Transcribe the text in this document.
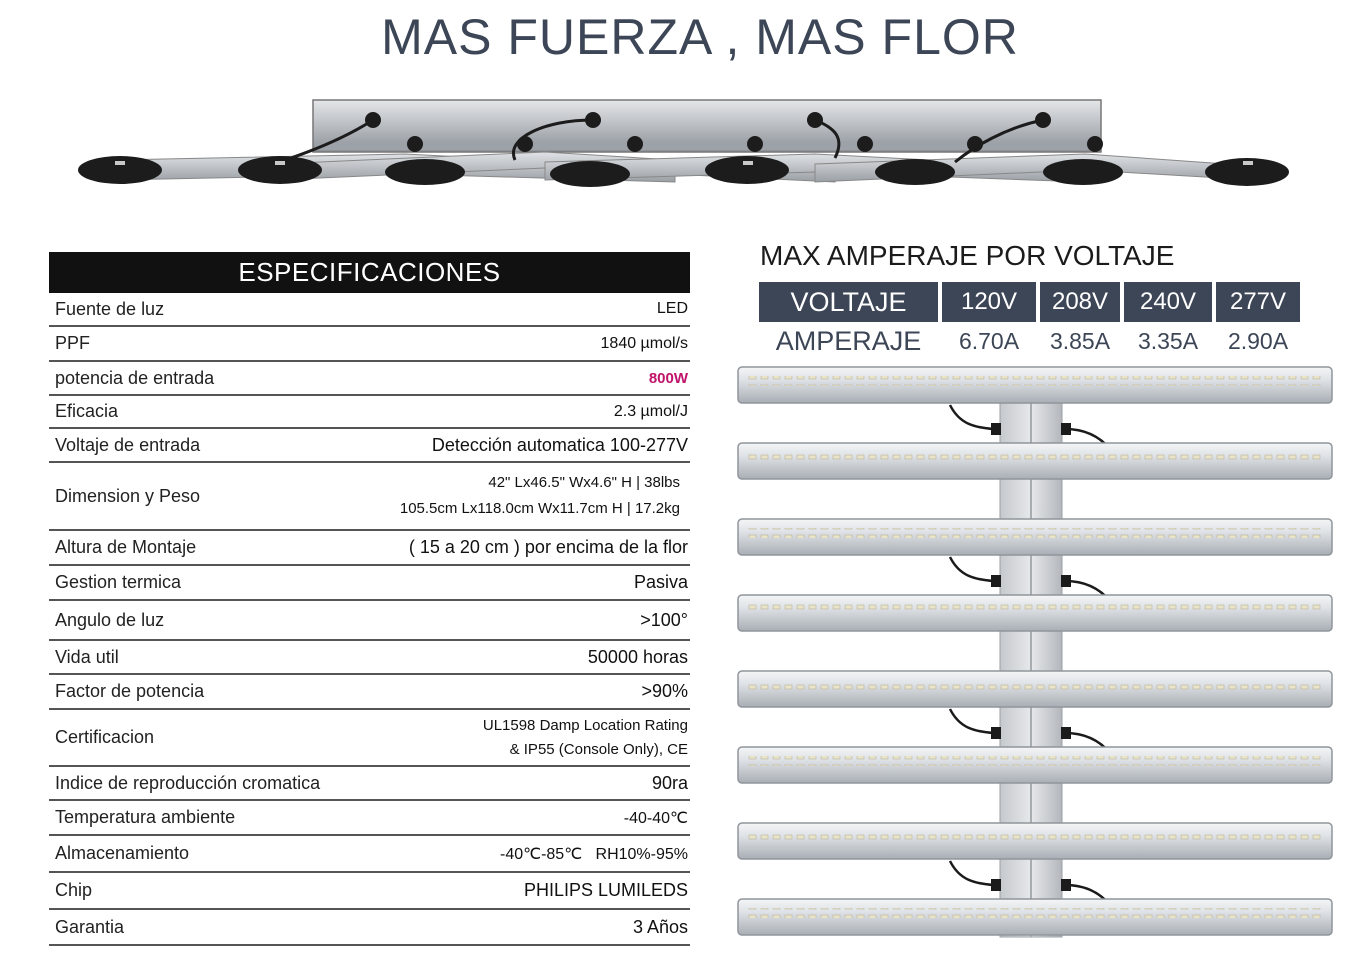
MAS FUERZA , MAS FLOR
ESPECIFICACIONES
Fuente de luz	LED
PPF	1840 µmol/s
potencia de entrada	800W
Eficacia	2.3 µmol/J
Voltaje de entrada	Detección automatica 100-277V
Dimension y Peso
42" Lx46.5" Wx4.6" H | 38lbs
105.5cm Lx118.0cm Wx11.7cm H | 17.2kg
Altura de Montaje	( 15 a 20 cm ) por encima de la flor
Gestion termica	Pasiva
Angulo de luz	>100°
Vida util	50000 horas
Factor de potencia	>90%
Certificacion
UL1598 Damp Location Rating
& IP55 (Console Only), CE
Indice de reproducción cromatica	90ra
Temperatura ambiente	-40-40℃
Almacenamiento	-40℃-85℃   RH10%-95%
Chip	PHILIPS LUMILEDS
Garantia	3 Años
MAX AMPERAJE POR VOLTAJE
VOLTAJE	120V	208V	240V	277V
AMPERAJE	6.70A	3.85A	3.35A	2.90A
